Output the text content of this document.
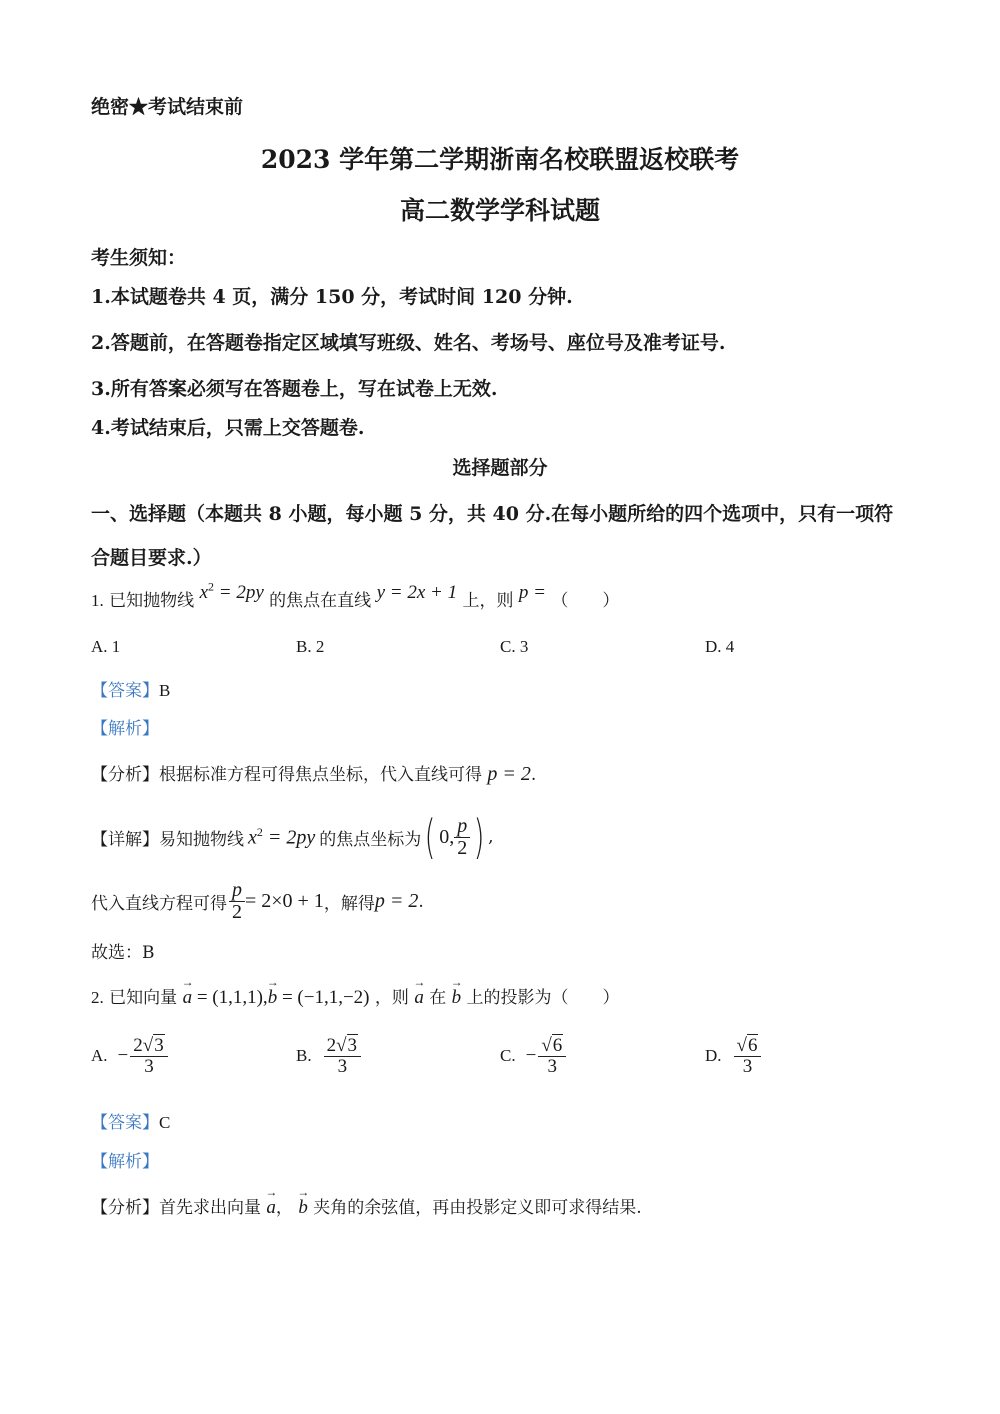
绝密★考试结束前
2023 学年第二学期浙南名校联盟返校联考
高二数学学科试题
考生须知：
1.本试题卷共 4 页，满分 150 分，考试时间 120 分钟.
2.答题前，在答题卷指定区域填写班级、姓名、考场号、座位号及准考证号.
3.所有答案必须写在答题卷上，写在试卷上无效.
4.考试结束后，只需上交答题卷.
选择题部分
一、选择题（本题共 8 小题，每小题 5 分，共 40 分.在每小题所给的四个选项中，只有一项符
合题目要求.）
1. 已知抛物线 $x^2 = 2py$ 的焦点在直线 y = 2x + 1 上，则 p = （　　）
A. 1	B. 2	C. 3	D. 4
【答案】B
【解析】
【分析】根据标准方程可得焦点坐标，代入直线可得 p = 2.
【详解】 易知抛物线 $x^2 = 2py$ 的焦点坐标为 ( 0, $\frac{p}{2}$ ) ,
代入直线方程可得 $\frac{p}{2} = 2\times 0 + 1$ ，解得 p = 2 .
故选：B
2. 已知向量 → a = (1,1,1),→ b = (−1,1,−2) ，则 → a 在 → b 上的投影为（　　）
A. − $\frac{2√3}{3}$	B. $\frac{2√3}{3}$	C. − $\frac{√6}{3}$	D. $\frac{√6}{3}$
【答案】C
【解析】
【分析】首先求出向量 → a， → b 夹角的余弦值，再由投影定义即可求得结果.
